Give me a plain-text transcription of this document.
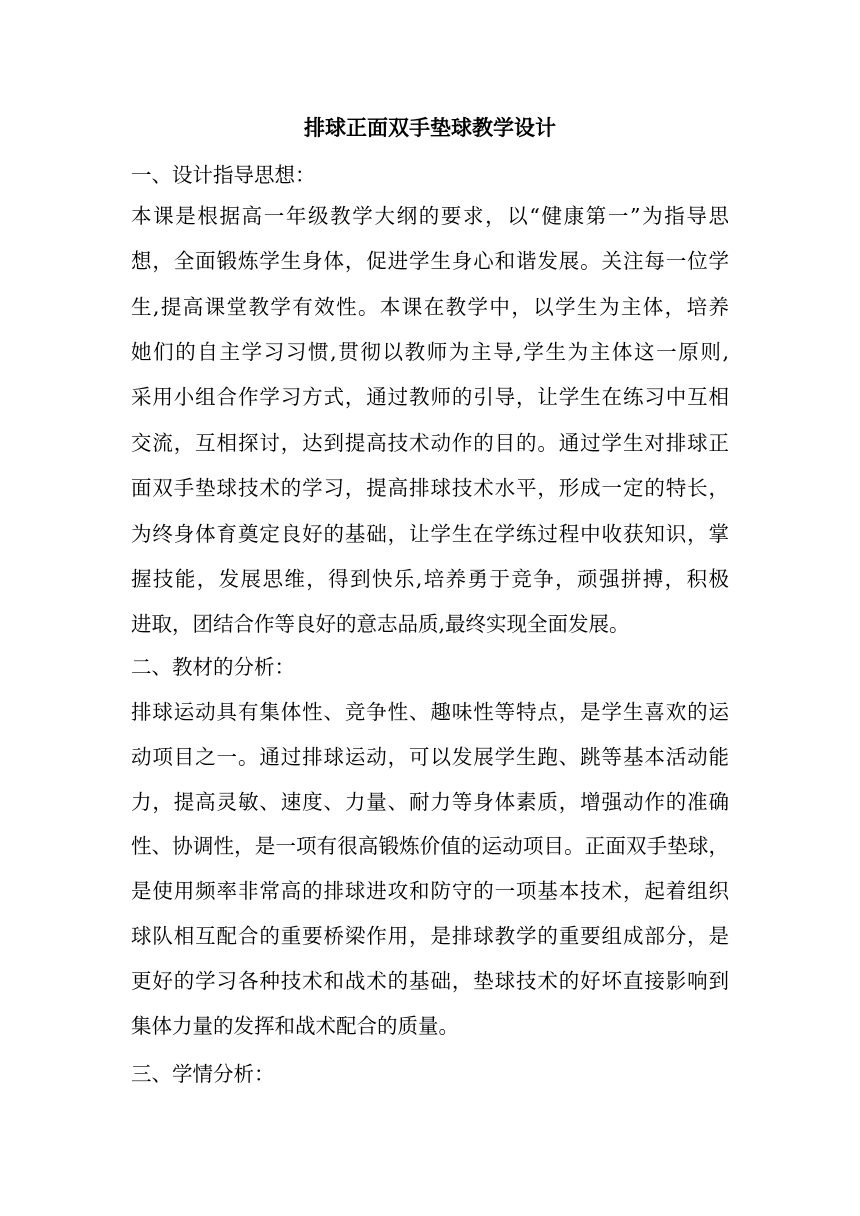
排球正面双手垫球教学设计

一、设计指导思想：

本课是根据高一年级教学大纲的要求，以“健康第一”为指导思

想，全面锻炼学生身体，促进学生身心和谐发展。关注每一位学

生,提高课堂教学有效性。本课在教学中，以学生为主体，培养

她们的自主学习习惯,贯彻以教师为主导,学生为主体这一原则,

采用小组合作学习方式，通过教师的引导，让学生在练习中互相

交流，互相探讨，达到提高技术动作的目的。通过学生对排球正

面双手垫球技术的学习，提高排球技术水平，形成一定的特长，

为终身体育奠定良好的基础，让学生在学练过程中收获知识，掌

握技能，发展思维，得到快乐,培养勇于竞争，顽强拼搏，积极

进取，团结合作等良好的意志品质,最终实现全面发展。

二、教材的分析：

排球运动具有集体性、竞争性、趣味性等特点，是学生喜欢的运

动项目之一。通过排球运动，可以发展学生跑、跳等基本活动能

力，提高灵敏、速度、力量、耐力等身体素质，增强动作的准确

性、协调性，是一项有很高锻炼价值的运动项目。正面双手垫球，

是使用频率非常高的排球进攻和防守的一项基本技术，起着组织

球队相互配合的重要桥梁作用，是排球教学的重要组成部分，是

更好的学习各种技术和战术的基础，垫球技术的好坏直接影响到

集体力量的发挥和战术配合的质量。

三、学情分析：
